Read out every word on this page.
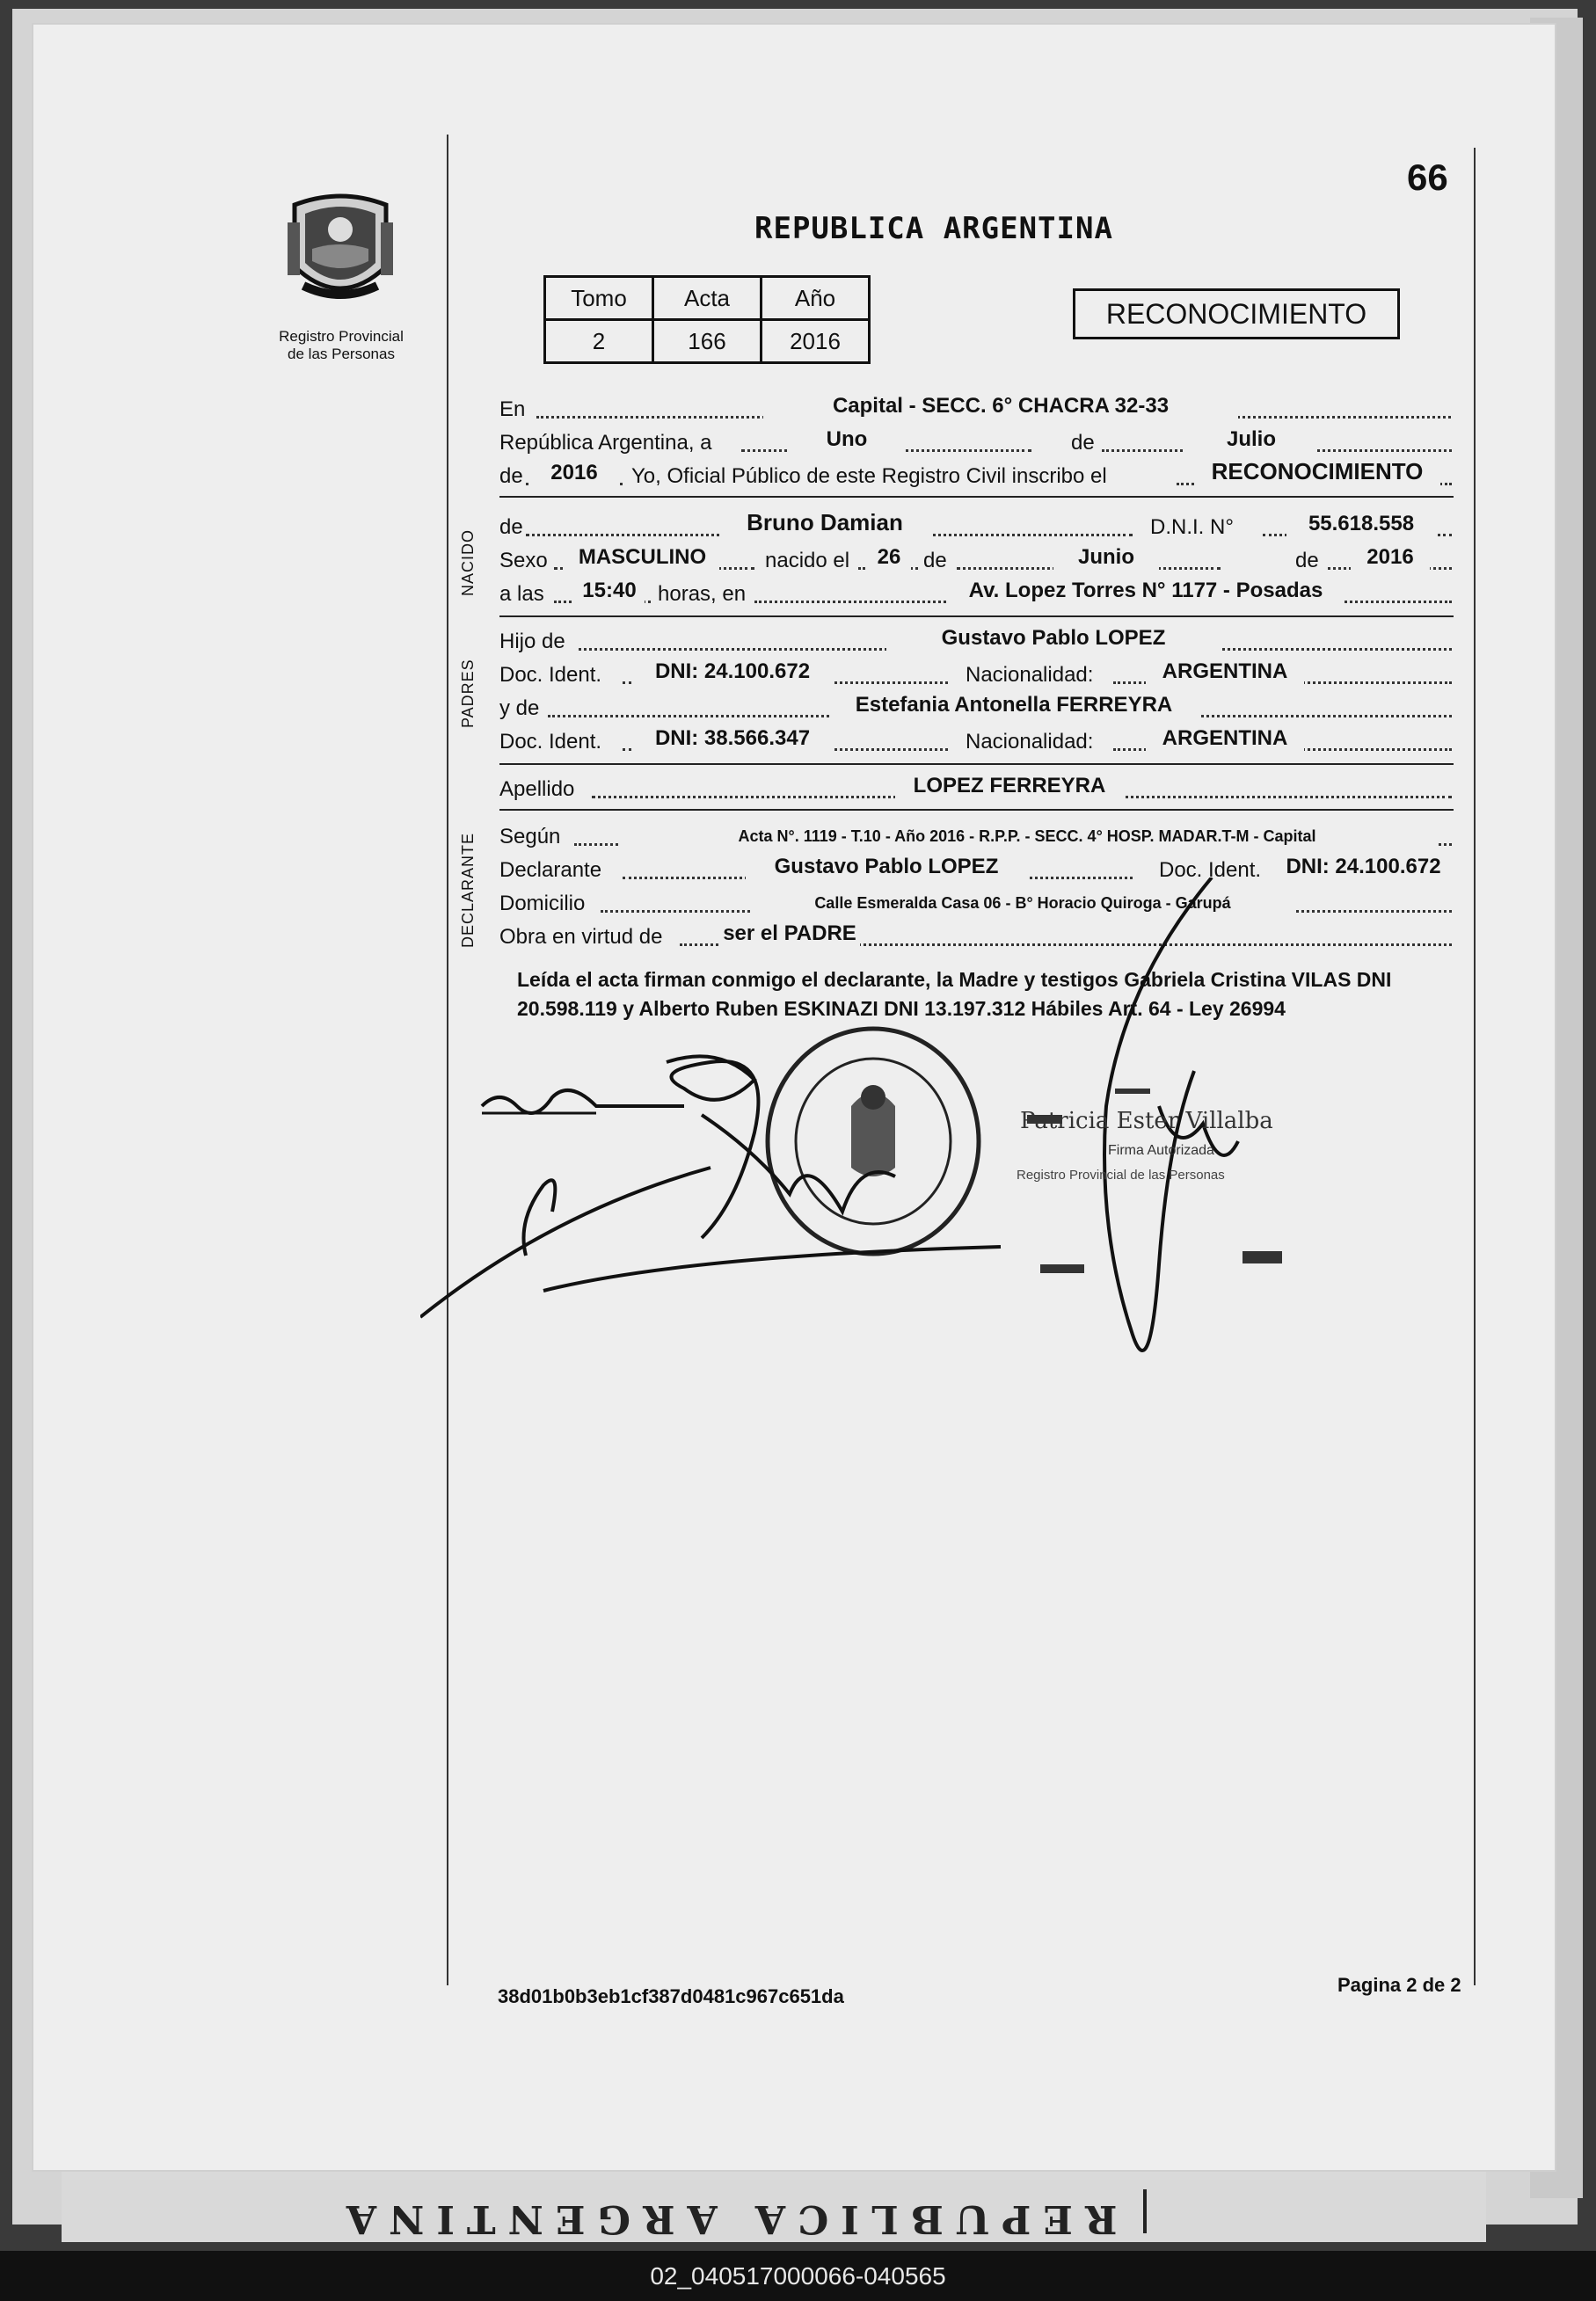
REPUBLICA ARGENTINA
Registro Provincial
de las Personas
66
REPUBLICA ARGENTINA
Tomo	Acta	Año
2	166	2016
RECONOCIMIENTO
NACIDO
PADRES
DECLARANTE
En	Capital - SECC. 6° CHACRA 32-33
República Argentina, a	Uno	de	Julio
de	2016	Yo, Oficial Público de este Registro Civil inscribo el	RECONOCIMIENTO
de	Bruno Damian	D.N.I. N°	55.618.558
Sexo	MASCULINO	nacido el	26	de	Junio	de	2016
a las	15:40	horas, en	Av. Lopez Torres N° 1177 - Posadas
Hijo de	Gustavo Pablo LOPEZ
Doc. Ident.	DNI: 24.100.672	Nacionalidad:	ARGENTINA
y de	Estefania Antonella FERREYRA
Doc. Ident.	DNI: 38.566.347	Nacionalidad:	ARGENTINA
Apellido	LOPEZ FERREYRA
Según	Acta N°. 1119 - T.10 - Año 2016 - R.P.P. - SECC. 4° HOSP. MADAR.T-M - Capital
Declarante	Gustavo Pablo LOPEZ	Doc. Ident.	DNI: 24.100.672
Domicilio	Calle Esmeralda Casa 06 - B° Horacio Quiroga - Garupá
Obra en virtud de	ser el PADRE
Leída el acta firman conmigo el declarante, la Madre y testigos Gabriela Cristina VILAS DNI 20.598.119 y Alberto Ruben ESKINAZI DNI 13.197.312 Hábiles Art. 64 - Ley 26994
Patricia Ester Villalba
Firma Autorizada
Registro Provincial de las Personas
38d01b0b3eb1cf387d0481c967c651da
Pagina 2 de 2
02_040517000066-040565
